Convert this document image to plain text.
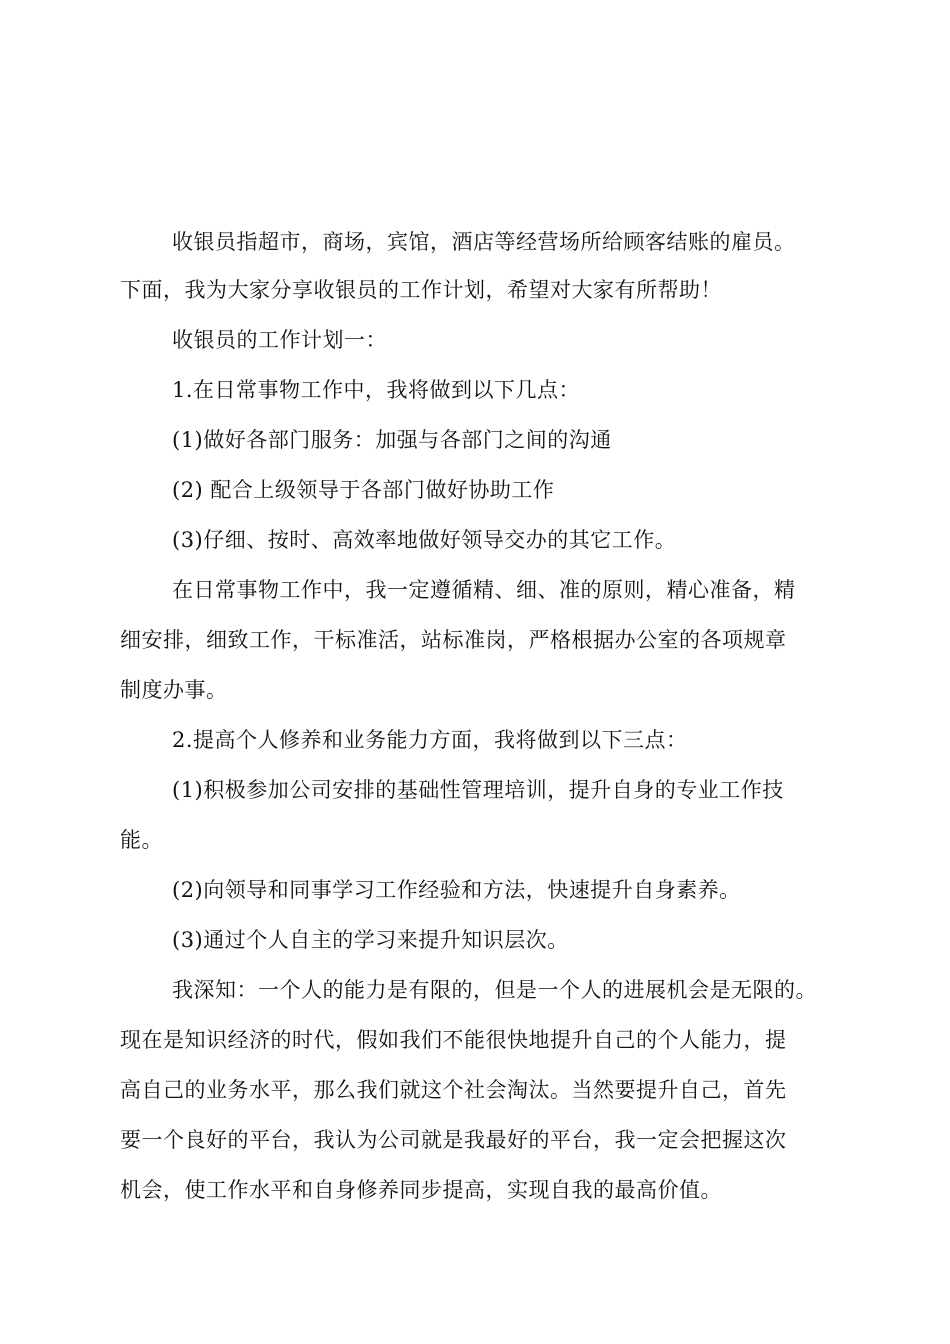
收银员指超市，商场，宾馆，酒店等经营场所给顾客结账的雇员。
下面，我为大家分享收银员的工作计划，希望对大家有所帮助！
收银员的工作计划一：
1.在日常事物工作中，我将做到以下几点：
(1)做好各部门服务：加强与各部门之间的沟通
(2) 配合上级领导于各部门做好协助工作
(3)仔细、按时、高效率地做好领导交办的其它工作。
在日常事物工作中，我一定遵循精、细、准的原则，精心准备，精
细安排，细致工作，干标准活，站标准岗，严格根据办公室的各项规章
制度办事。
2.提高个人修养和业务能力方面，我将做到以下三点：
(1)积极参加公司安排的基础性管理培训，提升自身的专业工作技
能。
(2)向领导和同事学习工作经验和方法，快速提升自身素养。
(3)通过个人自主的学习来提升知识层次。
我深知：一个人的能力是有限的，但是一个人的进展机会是无限的。
现在是知识经济的时代，假如我们不能很快地提升自己的个人能力，提
高自己的业务水平，那么我们就这个社会淘汰。当然要提升自己，首先
要一个良好的平台，我认为公司就是我最好的平台，我一定会把握这次
机会，使工作水平和自身修养同步提高，实现自我的最高价值。
